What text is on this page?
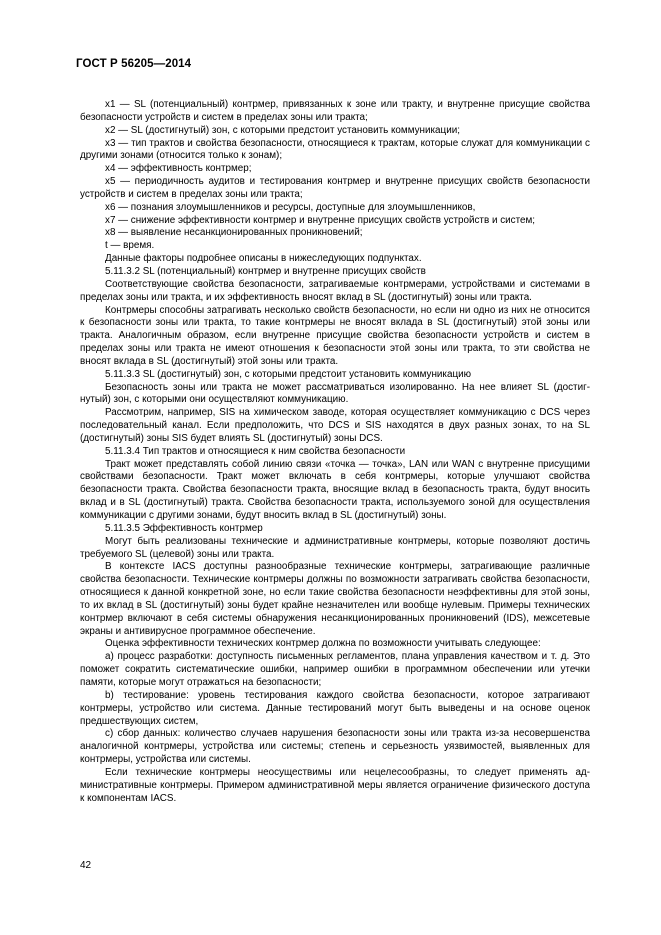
ГОСТ Р 56205—2014

x1 — SL (потенциальный) контрмер, привязанных к зоне или тракту, и внутренне присущие свойства безопасности устройств и систем в пределах зоны или тракта;

x2 — SL (достигнутый) зон, с которыми предстоит установить коммуникации;

x3 — тип трактов и свойства безопасности, относящиеся к трактам, которые служат для коммуникации с другими зонами (относится только к зонам);

x4 — эффективность контрмер;

x5 — периодичность аудитов и тестирования контрмер и внутренне присущих свойств безопасности устройств и систем в пределах зоны или тракта;

x6 — познания злоумышленников и ресурсы, доступные для злоумышленников,

x7 — снижение эффективности контрмер и внутренне присущих свойств устройств и систем;

x8 — выявление несанкционированных проникновений;

t — время.

Данные факторы подробнее описаны в нижеследующих подпунктах.

5.11.3.2 SL (потенциальный) контрмер и внутренне присущих свойств

Соответствующие свойства безопасности, затрагиваемые контрмерами, устройствами и системами в пределах зоны или тракта, и их эффективность вносят вклад в SL (достигнутый) зоны или тракта.

Контрмеры способны затрагивать несколько свойств безопасности, но если ни одно из них не относится к безопасности зоны или тракта, то такие контрмеры не вносят вклада в SL (достигнутый) этой зоны или тракта. Аналогичным образом, если внутренне присущие свойства безопасности устройств и систем в пределах зоны или тракта не имеют отношения к безопасности этой зоны или тракта, то эти свойства не вносят вклада в SL (достигнутый) этой зоны или тракта.

5.11.3.3 SL (достигнутый) зон, с которыми предстоит установить коммуникацию

Безопасность зоны или тракта не может рассматриваться изолированно. На нее влияет SL (достигнутый) зон, с которыми они осуществляют коммуникацию.

Рассмотрим, например, SIS на химическом заводе, которая осуществляет коммуникацию с DCS через последовательный канал. Если предположить, что DCS и SIS находятся в двух разных зонах, то на SL (достигнутый) зоны SIS будет влиять SL (достигнутый) зоны DCS.

5.11.3.4 Тип трактов и относящиеся к ним свойства безопасности

Тракт может представлять собой линию связи «точка — точка», LAN или WAN с внутренне присущими свойствами безопасности. Тракт может включать в себя контрмеры, которые улучшают свойства безопасности тракта. Свойства безопасности тракта, вносящие вклад в безопасность тракта, будут вносить вклад и в SL (достигнутый) тракта. Свойства безопасности тракта, используемого зоной для осуществления коммуникации с другими зонами, будут вносить вклад в SL (достигнутый) зоны.

5.11.3.5 Эффективность контрмер

Могут быть реализованы технические и административные контрмеры, которые позволяют достичь требуемого SL (целевой) зоны или тракта.

В контексте IACS доступны разнообразные технические контрмеры, затрагивающие различные свойства безопасности. Технические контрмеры должны по возможности затрагивать свойства безопасности, относящиеся к данной конкретной зоне, но если такие свойства безопасности неэффективны для этой зоны, то их вклад в SL (достигнутый) зоны будет крайне незначителен или вообще нулевым. Примеры технических контрмер включают в себя системы обнаружения несанкционированных проникновений (IDS), межсетевые экраны и антивирусное программное обеспечение.

Оценка эффективности технических контрмер должна по возможности учитывать следующее:

а) процесс разработки: доступность письменных регламентов, плана управления качеством и т. д. Это поможет сократить систематические ошибки, например ошибки в программном обеспечении или утечки памяти, которые могут отражаться на безопасности;

b) тестирование: уровень тестирования каждого свойства безопасности, которое затрагивают контрмеры, устройство или система. Данные тестирований могут быть выведены и на основе оценок предшествующих систем,

с) сбор данных: количество случаев нарушения безопасности зоны или тракта из-за несовершенства аналогичной контрмеры, устройства или системы; степень и серьезность уязвимостей, выявленных для контрмеры, устройства или системы.

Если технические контрмеры неосуществимы или нецелесообразны, то следует применять административные контрмеры. Примером административной меры является ограничение физического доступа к компонентам IACS.

42
